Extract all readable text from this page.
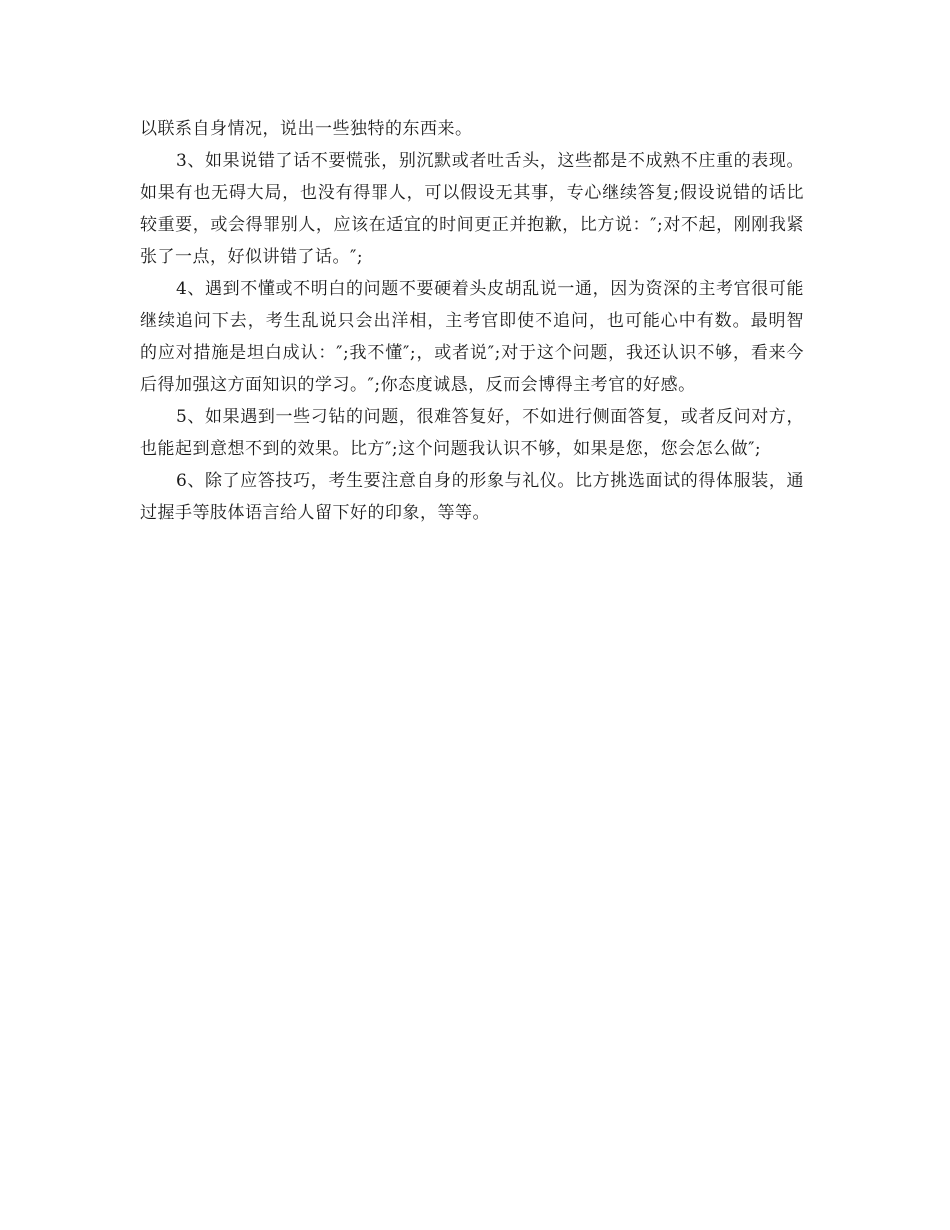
以联系自身情况，说出一些独特的东西来。

3、如果说错了话不要慌张，别沉默或者吐舌头，这些都是不成熟不庄重的表现。如果有也无碍大局，也没有得罪人，可以假设无其事，专心继续答复;假设说错的话比较重要，或会得罪别人，应该在适宜的时间更正并抱歉，比方说：″;对不起，刚刚我紧张了一点，好似讲错了话。″;

4、遇到不懂或不明白的问题不要硬着头皮胡乱说一通，因为资深的主考官很可能继续追问下去，考生乱说只会出洋相，主考官即使不追问，也可能心中有数。最明智的应对措施是坦白成认：″;我不懂″;，或者说″;对于这个问题，我还认识不够，看来今后得加强这方面知识的学习。″;你态度诚恳，反而会博得主考官的好感。

5、如果遇到一些刁钻的问题，很难答复好，不如进行侧面答复，或者反问对方，也能起到意想不到的效果。比方″;这个问题我认识不够，如果是您，您会怎么做″;

6、除了应答技巧，考生要注意自身的形象与礼仪。比方挑选面试的得体服装，通过握手等肢体语言给人留下好的印象，等等。
